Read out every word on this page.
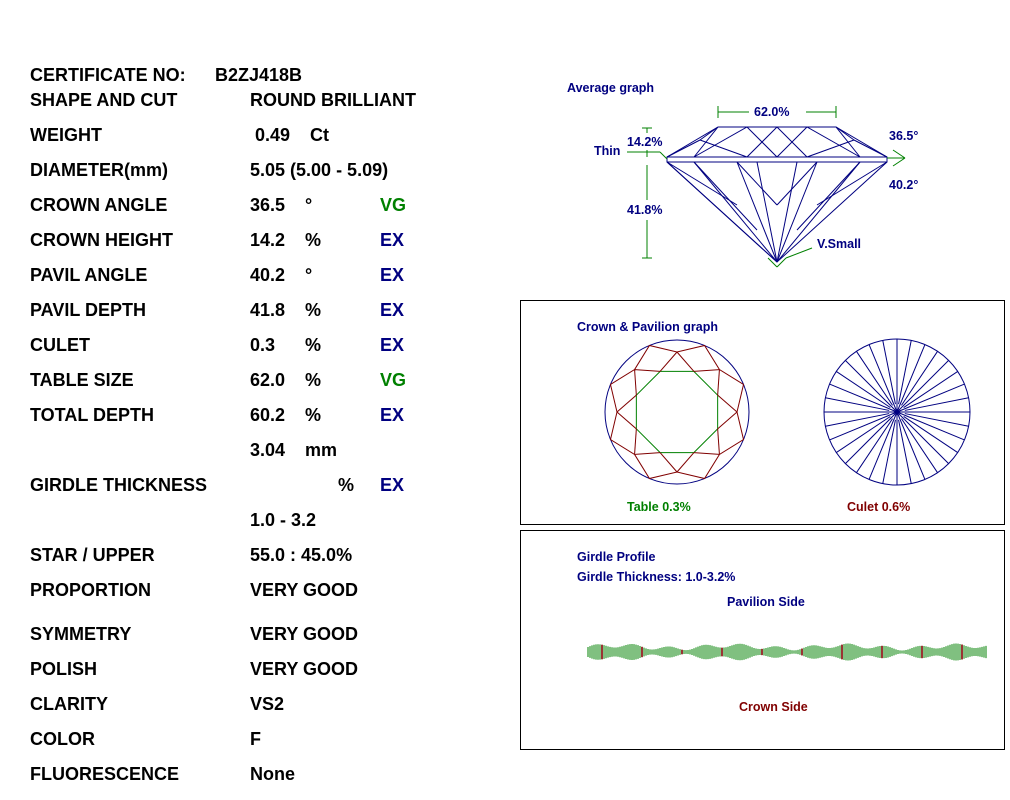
CERTIFICATE NO: B2ZJ418B
SHAPE AND CUT	ROUND BRILLIANT
WEIGHT	0.49    Ct
DIAMETER(mm)	5.05 (5.00 - 5.09)
CROWN ANGLE	36.5    °	VG
CROWN HEIGHT	14.2    %	EX
PAVIL ANGLE	40.2    °	EX
PAVIL DEPTH	41.8    %	EX
CULET	0.3      %	EX
TABLE SIZE	62.0    %	VG
TOTAL DEPTH	60.2    %	EX
3.04    mm
GIRDLE THICKNESS	% EX
1.0 - 3.2
STAR / UPPER	55.0 : 45.0%
PROPORTION	VERY GOOD
SYMMETRY	VERY GOOD
POLISH	VERY GOOD
CLARITY	VS2
COLOR	F
FLUORESCENCE	None
Average graph
62.0%
36.5°
40.2°
14.2%
Thin
41.8%
V.Small
Crown & Pavilion graph
Table 0.3%	Culet 0.6%
Girdle Profile
Girdle Thickness: 1.0-3.2%
Pavilion Side
Crown Side
